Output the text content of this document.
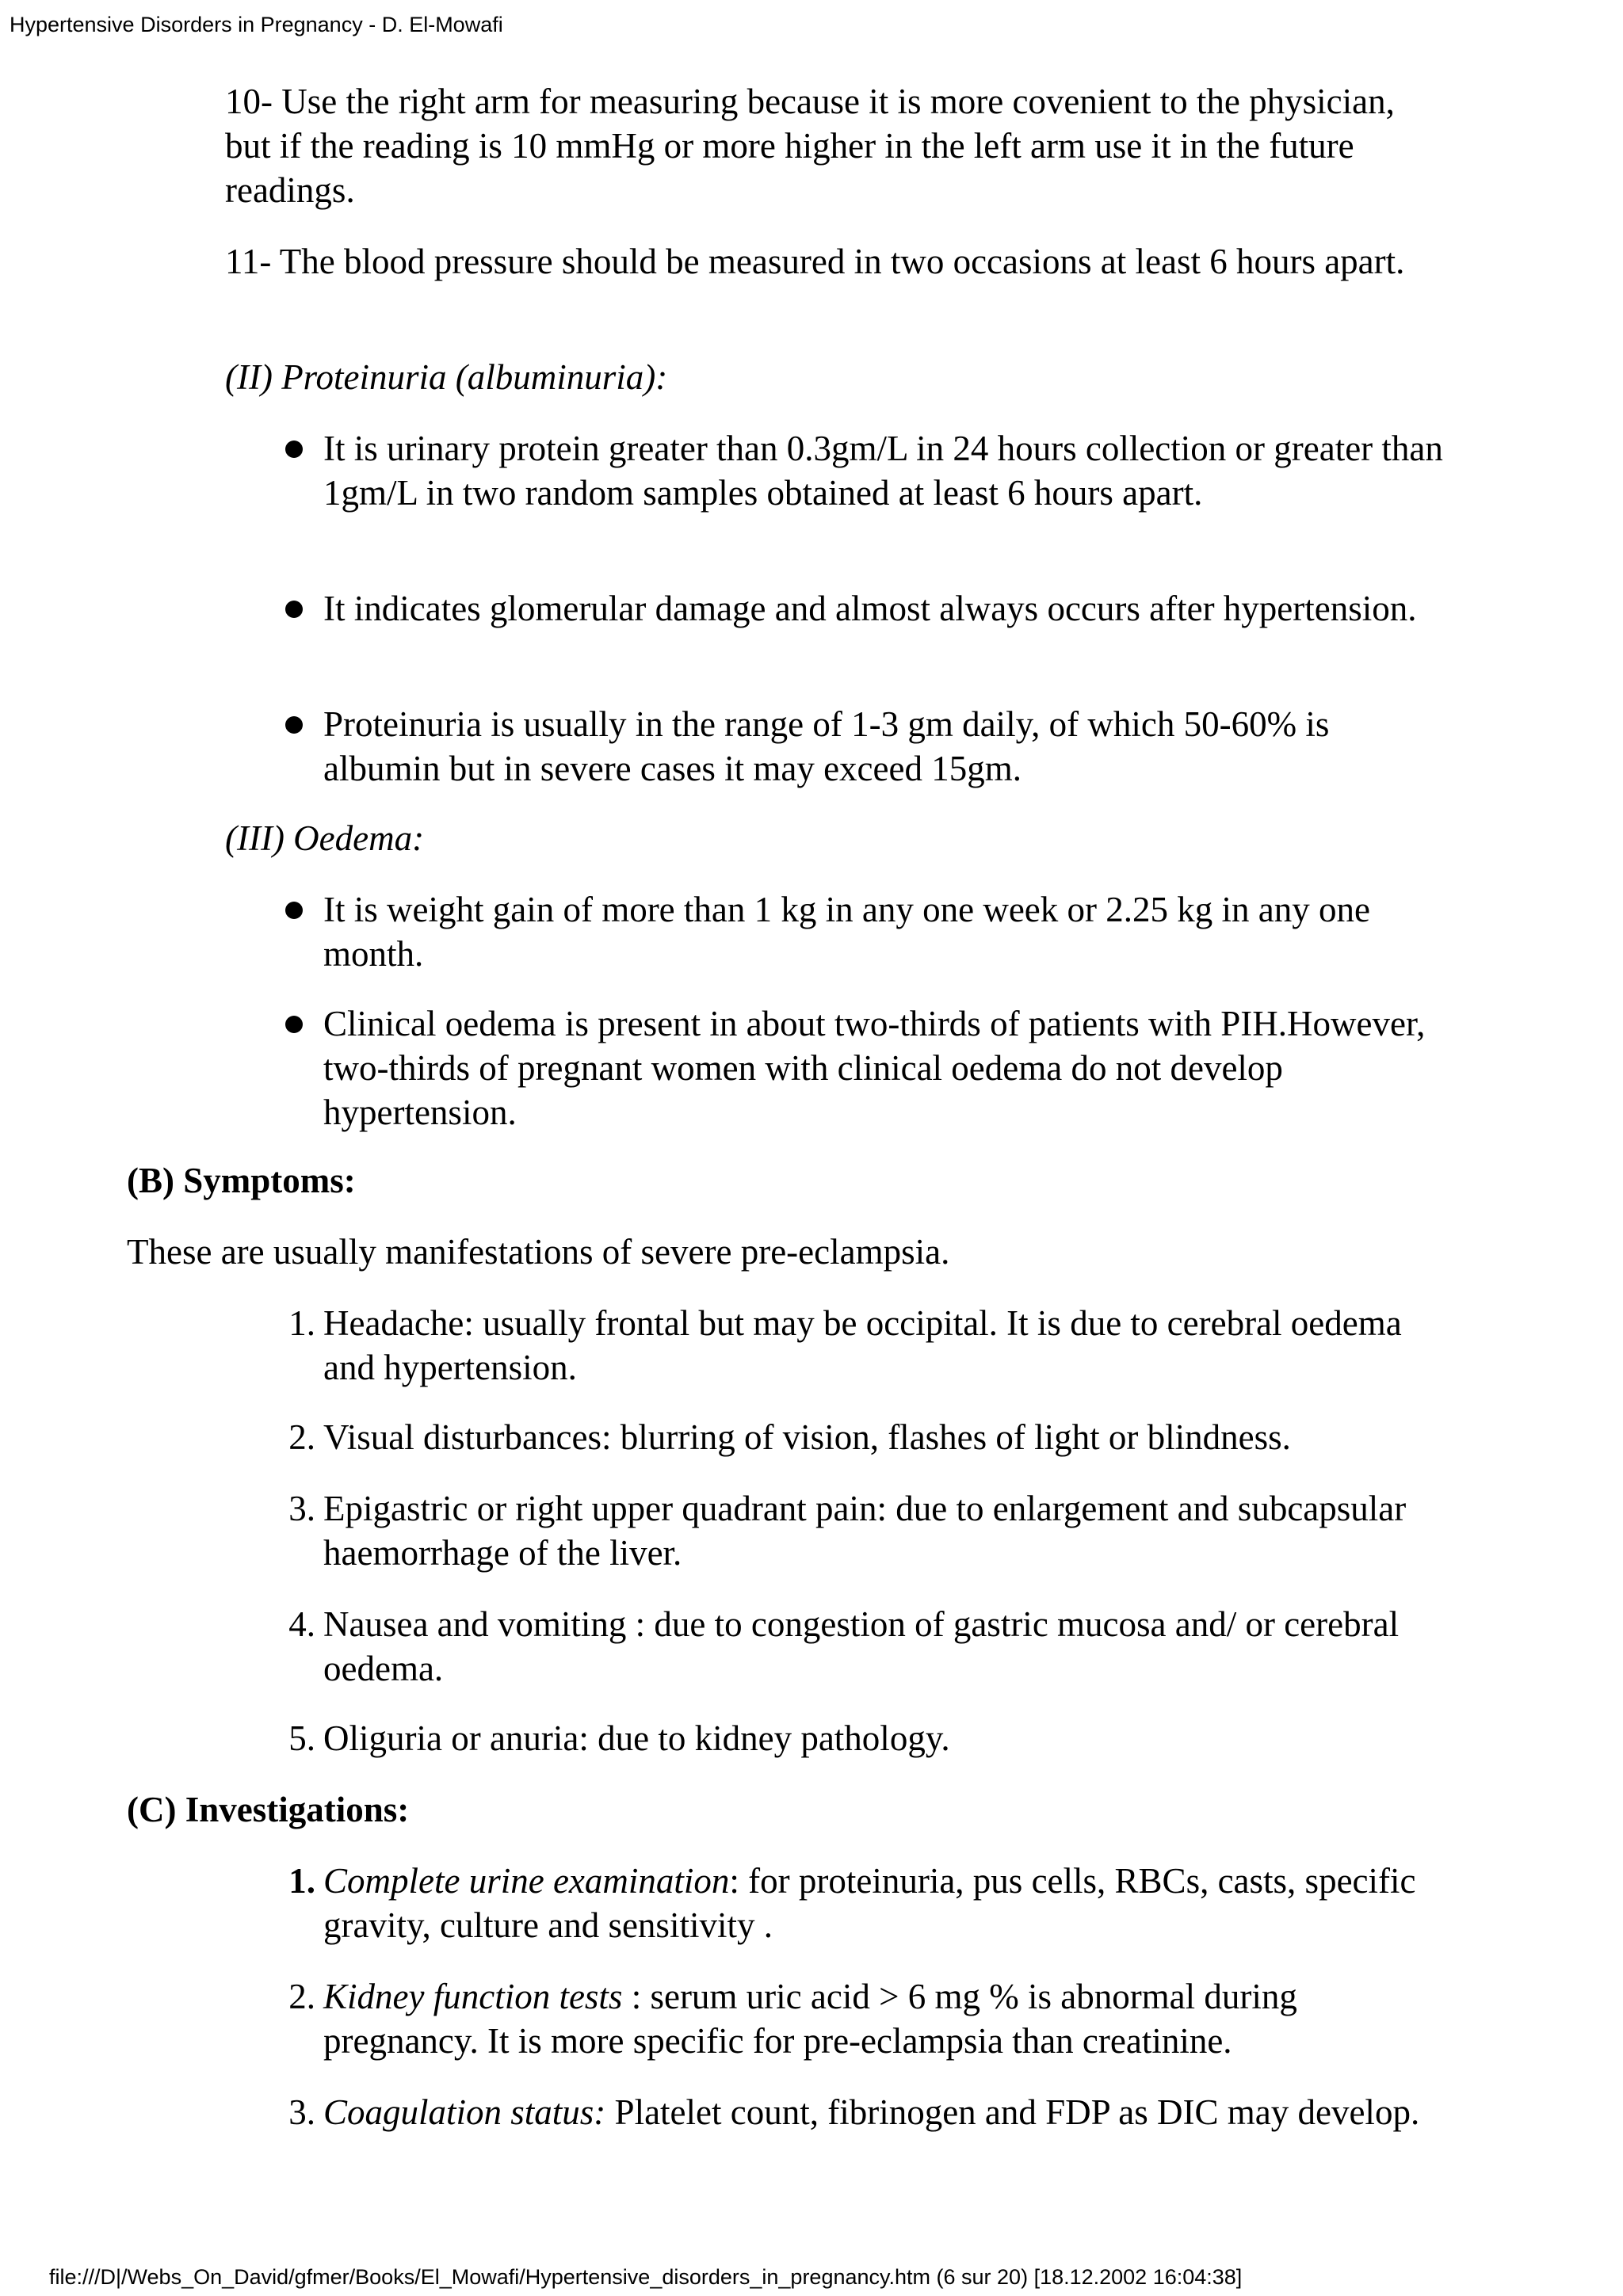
Hypertensive Disorders in Pregnancy - D. El-Mowafi

10- Use the right arm for measuring because it is more covenient to the physician, but if the reading is 10 mmHg or more higher in the left arm use it in the future readings.

11- The blood pressure should be measured in two occasions at least 6 hours apart.

(II) Proteinuria (albuminuria):
It is urinary protein greater than 0.3gm/L in 24 hours collection or greater than 1gm/L in two random samples obtained at least 6 hours apart.
It indicates glomerular damage and almost always occurs after hypertension.
Proteinuria is usually in the range of 1-3 gm daily, of which 50-60% is albumin but in severe cases it may exceed 15gm.
(III) Oedema:
It is weight gain of more than 1 kg in any one week or 2.25 kg in any one month.
Clinical oedema is present in about two-thirds of patients with PIH.However, two-thirds of pregnant women with clinical oedema do not develop hypertension.
(B) Symptoms:
These are usually manifestations of severe pre-eclampsia.
1. Headache: usually frontal but may be occipital. It is due to cerebral oedema and hypertension.
2. Visual disturbances: blurring of vision, flashes of light or blindness.
3. Epigastric or right upper quadrant pain: due to enlargement and subcapsular haemorrhage of the liver.
4. Nausea and vomiting : due to congestion of gastric mucosa and/ or cerebral oedema.
5. Oliguria or anuria: due to kidney pathology.
(C) Investigations:
1. Complete urine examination: for proteinuria, pus cells, RBCs, casts, specific gravity, culture and sensitivity .
2. Kidney function tests : serum uric acid > 6 mg % is abnormal during pregnancy. It is more specific for pre-eclampsia than creatinine.
3. Coagulation status: Platelet count, fibrinogen and FDP as DIC may develop.
file:///D|/Webs_On_David/gfmer/Books/El_Mowafi/Hypertensive_disorders_in_pregnancy.htm (6 sur 20) [18.12.2002 16:04:38]
